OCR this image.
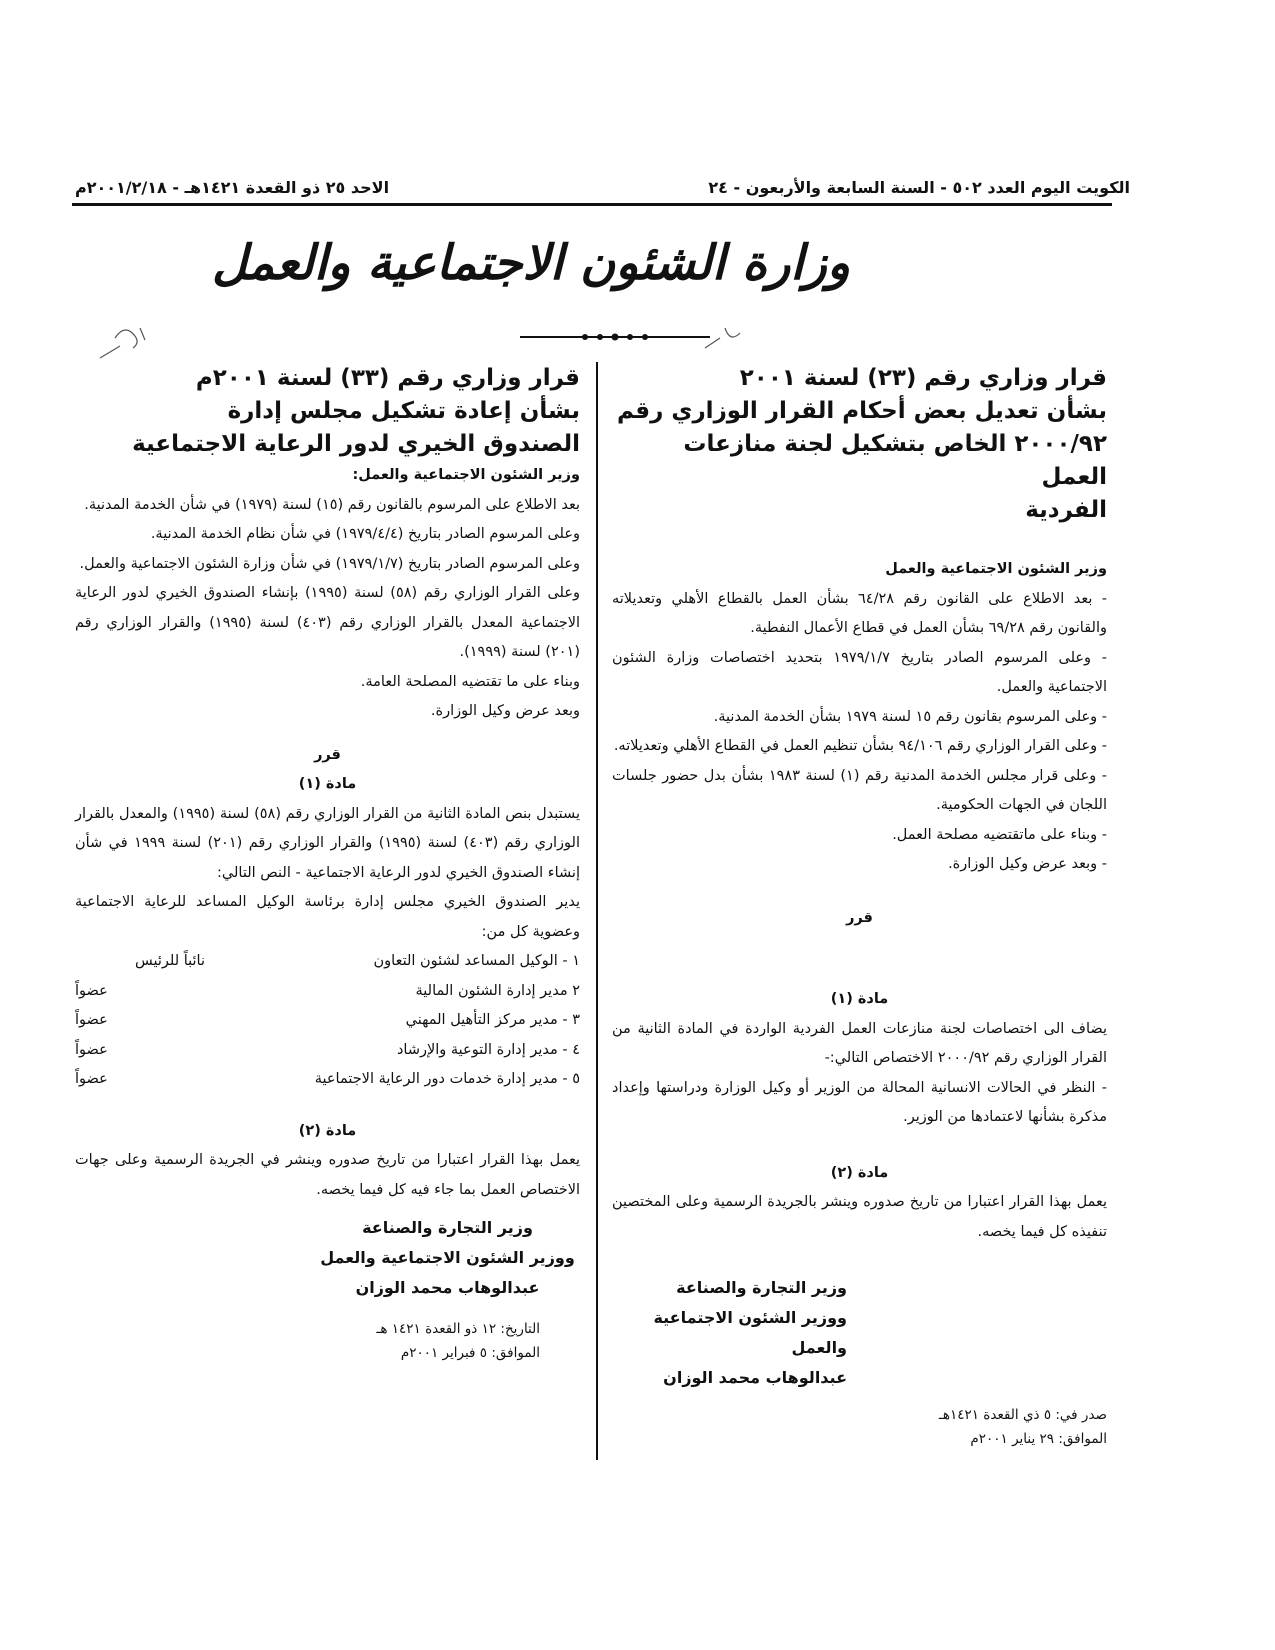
الكويت اليوم العدد ٥٠٢ - السنة السابعة والأربعون - ٢٤
الاحد ٢٥ ذو القعدة ١٤٢١هـ - ٢٠٠١/٢/١٨م
وزارة الشئون الاجتماعية والعمل
قرار وزاري رقم (٢٣) لسنة ٢٠٠١
بشأن تعديل بعض أحكام القرار الوزاري رقم
٢٠٠٠/٩٢ الخاص بتشكيل لجنة منازعات العمل
الفردية
وزير الشئون الاجتماعية والعمل

- بعد الاطلاع على القانون رقم ٦٤/٢٨ بشأن العمل بالقطاع الأهلي وتعديلاته والقانون رقم ٦٩/٢٨ بشأن العمل في قطاع الأعمال النفطية.

- وعلى المرسوم الصادر بتاريخ ١٩٧٩/١/٧ بتحديد اختصاصات وزارة الشئون الاجتماعية والعمل.

- وعلى المرسوم بقانون رقم ١٥ لسنة ١٩٧٩ بشأن الخدمة المدنية.

- وعلى القرار الوزاري رقم ٩٤/١٠٦ بشأن تنظيم العمل في القطاع الأهلي وتعديلاته.

- وعلى قرار مجلس الخدمة المدنية رقم (١) لسنة ١٩٨٣ بشأن بدل حضور جلسات اللجان في الجهات الحكومية.

- وبناء على ماتقتضيه مصلحة العمل.

- وبعد عرض وكيل الوزارة.

قرر
مادة (١)

يضاف الى اختصاصات لجنة منازعات العمل الفردية الواردة في المادة الثانية من القرار الوزاري رقم ٢٠٠٠/٩٢ الاختصاص التالي:-

- النظر في الحالات الانسانية المحالة من الوزير أو وكيل الوزارة ودراستها وإعداد مذكرة بشأنها لاعتمادها من الوزير.

مادة (٢)

يعمل بهذا القرار اعتبارا من تاريخ صدوره وينشر بالجريدة الرسمية وعلى المختصين تنفيذه كل فيما يخصه.

وزير التجارة والصناعة
ووزير الشئون الاجتماعية والعمل
عبدالوهاب محمد الوزان
صدر في: ٥ ذي القعدة ١٤٢١هـ
الموافق: ٢٩ يناير ٢٠٠١م
قرار وزاري رقم (٣٣) لسنة ٢٠٠١م
بشأن إعادة تشكيل مجلس إدارة
الصندوق الخيري لدور الرعاية الاجتماعية
وزير الشئون الاجتماعية والعمل:

بعد الاطلاع على المرسوم بالقانون رقم (١٥) لسنة (١٩٧٩) في شأن الخدمة المدنية.

وعلى المرسوم الصادر بتاريخ (١٩٧٩/٤/٤) في شأن نظام الخدمة المدنية.

وعلى المرسوم الصادر بتاريخ (١٩٧٩/١/٧) في شأن وزارة الشئون الاجتماعية والعمل.

وعلى القرار الوزاري رقم (٥٨) لسنة (١٩٩٥) بإنشاء الصندوق الخيري لدور الرعاية الاجتماعية المعدل بالقرار الوزاري رقم (٤٠٣) لسنة (١٩٩٥) والقرار الوزاري رقم (٢٠١) لسنة (١٩٩٩).

وبناء على ما تقتضيه المصلحة العامة.

وبعد عرض وكيل الوزارة.

قرر
مادة (١)

يستبدل بنص المادة الثانية من القرار الوزاري رقم (٥٨) لسنة (١٩٩٥) والمعدل بالقرار الوزاري رقم (٤٠٣) لسنة (١٩٩٥) والقرار الوزاري رقم (٢٠١) لسنة ١٩٩٩ في شأن إنشاء الصندوق الخيري لدور الرعاية الاجتماعية - النص التالي:

يدير الصندوق الخيري مجلس إدارة برئاسة الوكيل المساعد للرعاية الاجتماعية وعضوية كل من:

١ - الوكيل المساعد لشئون التعاون
نائباً للرئيس
٢ مدير إدارة الشئون المالية
عضواً
٣ - مدير مركز التأهيل المهني
عضواً
٤ - مدير إدارة التوعية والإرشاد
عضواً
٥ - مدير إدارة خدمات دور الرعاية الاجتماعية
عضواً
مادة (٢)

يعمل بهذا القرار اعتبارا من تاريخ صدوره وينشر في الجريدة الرسمية وعلى جهات الاختصاص العمل بما جاء فيه كل فيما يخصه.

وزير التجارة والصناعة
ووزير الشئون الاجتماعية والعمل
عبدالوهاب محمد الوزان
التاريخ: ١٢ ذو القعدة ١٤٢١ هـ
الموافق: ٥ فبراير ٢٠٠١م
